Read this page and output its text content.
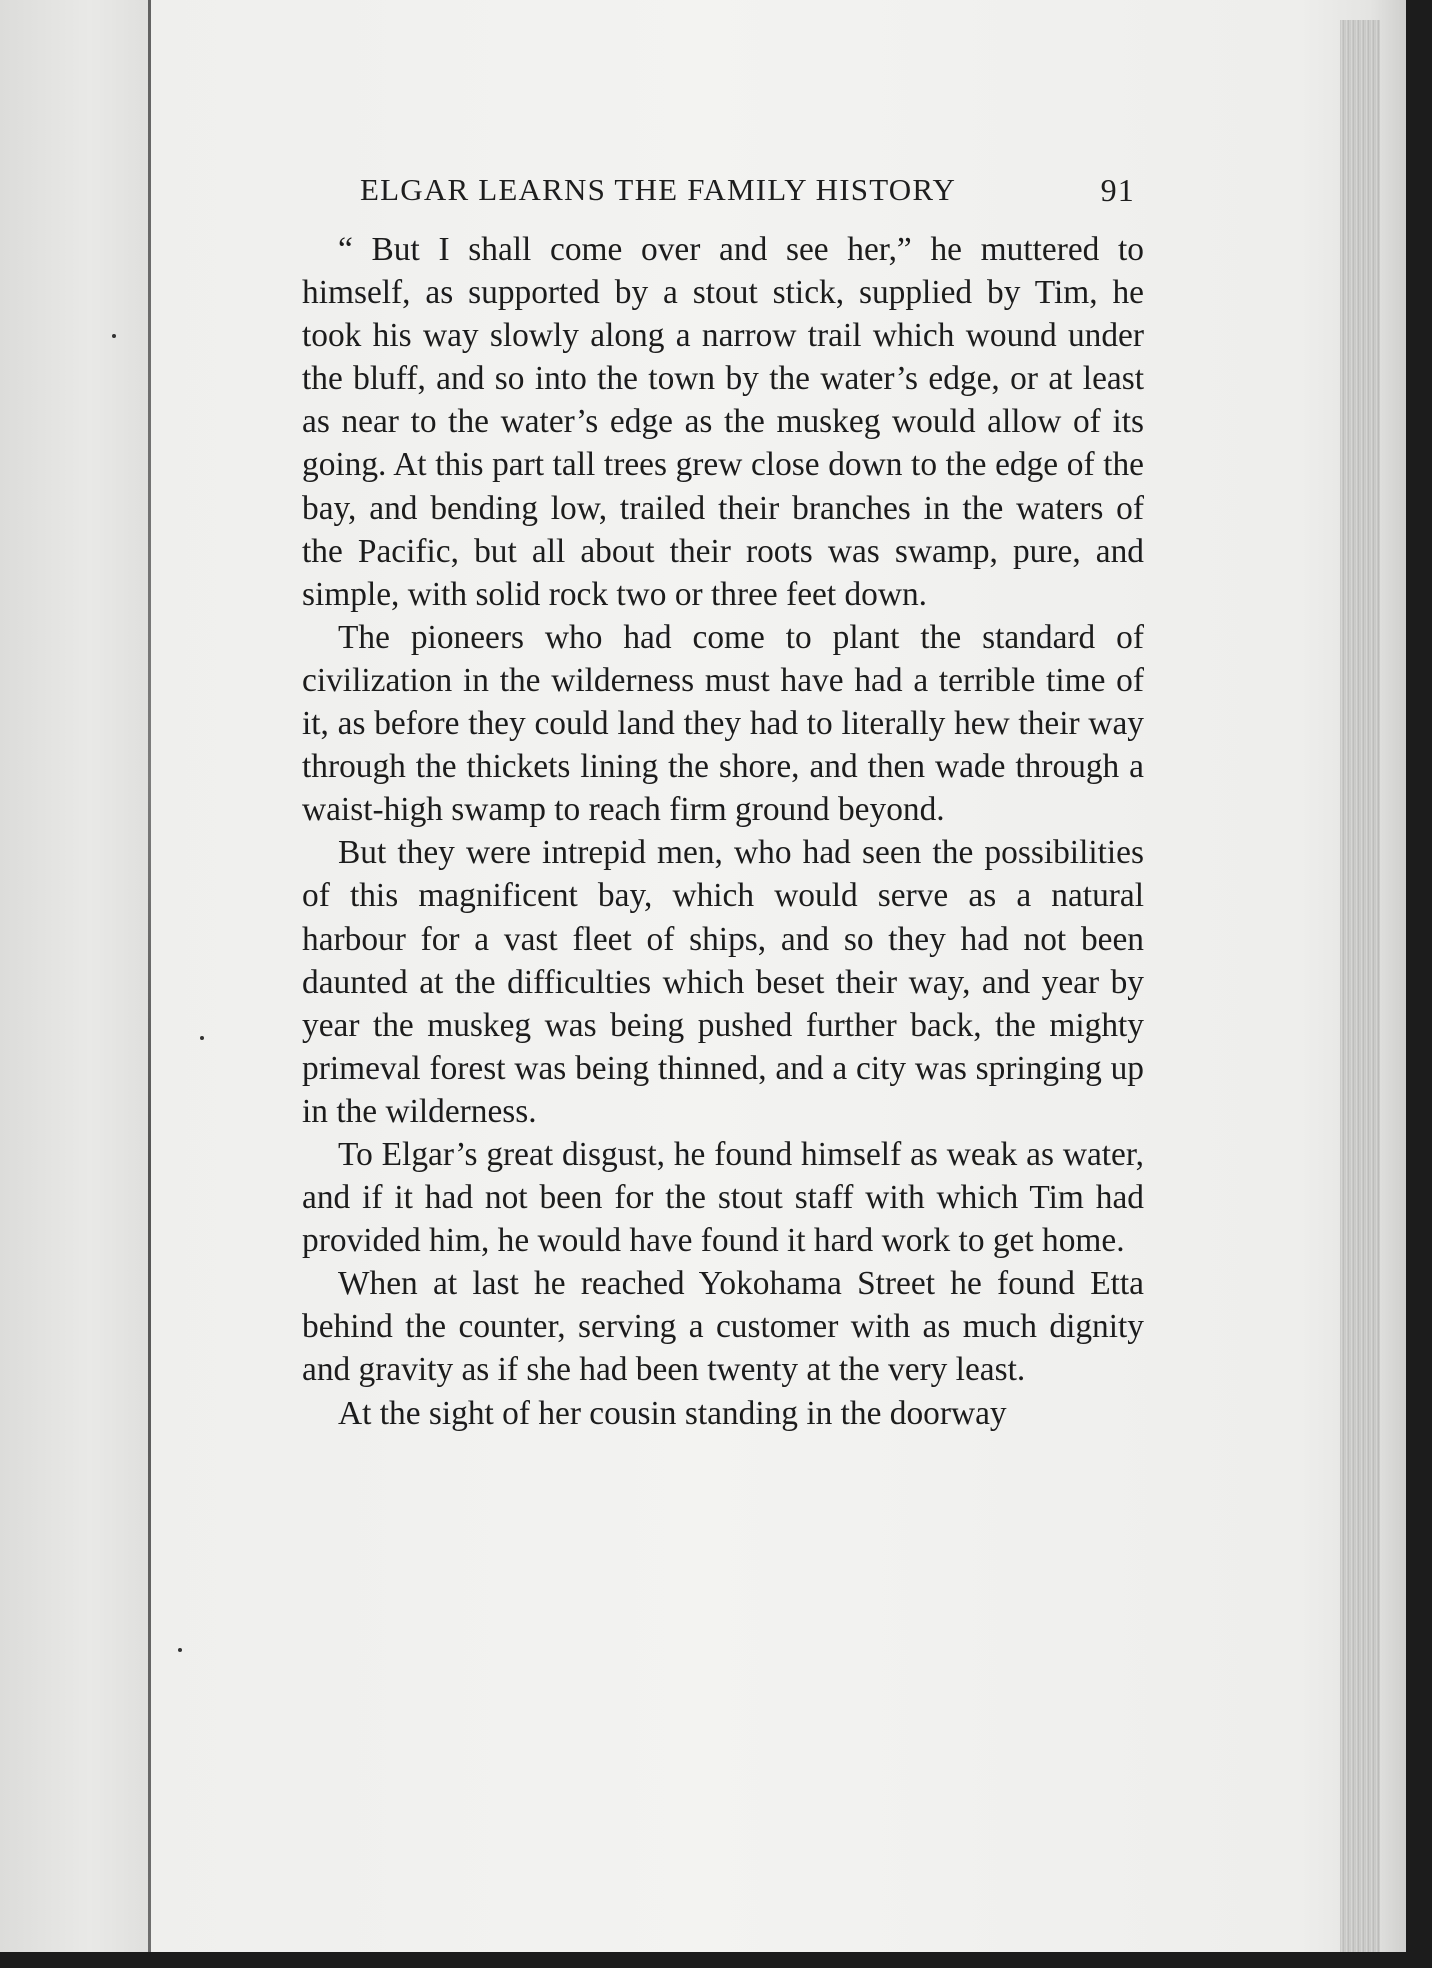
ELGAR LEARNS THE FAMILY HISTORY	91

“ But I shall come over and see her,” he muttered to himself, as supported by a stout stick, supplied by Tim, he took his way slowly along a narrow trail which wound under the bluff, and so into the town by the water’s edge, or at least as near to the water’s edge as the muskeg would allow of its going. At this part tall trees grew close down to the edge of the bay, and bending low, trailed their branches in the waters of the Pacific, but all about their roots was swamp, pure, and simple, with solid rock two or three feet down.

The pioneers who had come to plant the standard of civilization in the wilderness must have had a terrible time of it, as before they could land they had to literally hew their way through the thickets lining the shore, and then wade through a waist-high swamp to reach firm ground beyond.

But they were intrepid men, who had seen the possibilities of this magnificent bay, which would serve as a natural harbour for a vast fleet of ships, and so they had not been daunted at the difficulties which beset their way, and year by year the muskeg was being pushed further back, the mighty primeval forest was being thinned, and a city was springing up in the wilderness.

To Elgar’s great disgust, he found himself as weak as water, and if it had not been for the stout staff with which Tim had provided him, he would have found it hard work to get home.

When at last he reached Yokohama Street he found Etta behind the counter, serving a customer with as much dignity and gravity as if she had been twenty at the very least.

At the sight of her cousin standing in the doorway
